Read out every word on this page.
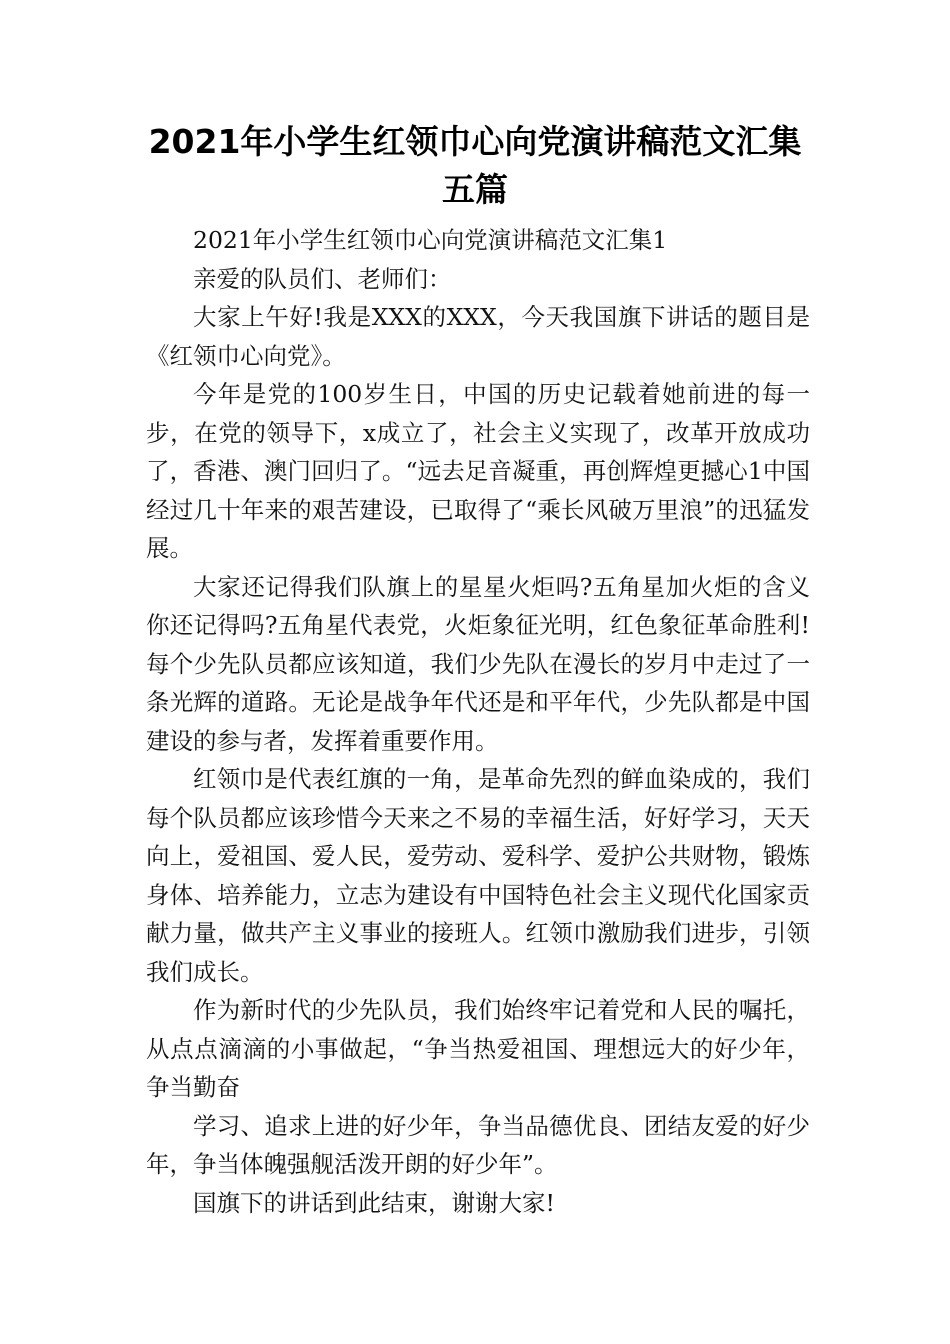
2021年小学生红领巾心向党演讲稿范文汇集五篇

2021年小学生红领巾心向党演讲稿范文汇集1

亲爱的队员们、老师们：

大家上午好!我是XXX的XXX，今天我国旗下讲话的题目是《红领巾心向党》。

今年是党的100岁生日，中国的历史记载着她前进的每一步，在党的领导下，x成立了，社会主义实现了，改革开放成功了，香港、澳门回归了。“远去足音凝重，再创辉煌更撼心1中国经过几十年来的艰苦建设，已取得了“乘长风破万里浪”的迅猛发展。

大家还记得我们队旗上的星星火炬吗?五角星加火炬的含义你还记得吗?五角星代表党，火炬象征光明，红色象征革命胜利!每个少先队员都应该知道，我们少先队在漫长的岁月中走过了一条光辉的道路。无论是战争年代还是和平年代，少先队都是中国建设的参与者，发挥着重要作用。

红领巾是代表红旗的一角，是革命先烈的鲜血染成的，我们每个队员都应该珍惜今天来之不易的幸福生活，好好学习，天天向上，爱祖国、爱人民，爱劳动、爱科学、爱护公共财物，锻炼身体、培养能力，立志为建设有中国特色社会主义现代化国家贡献力量，做共产主义事业的接班人。红领巾激励我们进步，引领我们成长。

作为新时代的少先队员，我们始终牢记着党和人民的嘱托，从点点滴滴的小事做起，“争当热爱祖国、理想远大的好少年，争当勤奋

学习、追求上进的好少年，争当品德优良、团结友爱的好少年，争当体魄强舰活泼开朗的好少年”。

国旗下的讲话到此结束，谢谢大家!
